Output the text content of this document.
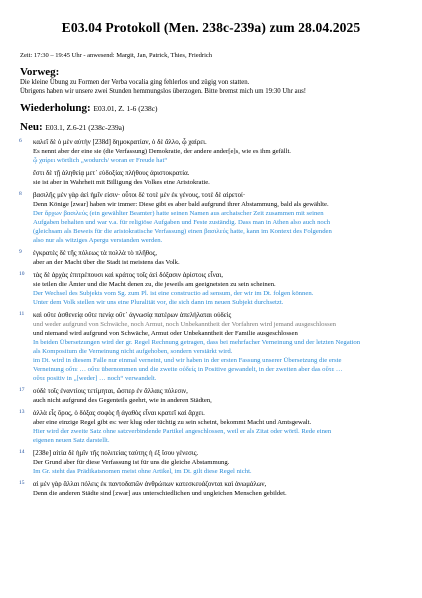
E03.04 Protokoll (Men. 238c-239a) zum 28.04.2025
Zeit: 17:30 – 19:45 Uhr - anwesend: Margit, Jan, Patrick, Thies, Friedrich
Vorweg:

Die kleine Übung zu Formen der Verba vocalia ging fehlerlos und zügig von statten.

Übrigens haben wir unsere zwei Stunden hemmungslos überzogen. Bitte bremst mich um 19:30 Uhr aus!

Wiederholung: E03.01, Z. 1-6 (238c)
Neu: E03.1, Z.6-21 (238c-239a)
6 καλεῖ δὲ ὁ μὲν αὐτὴν [238d] δημοκρατίαν, ὁ δὲ ἄλλο, ᾧ χαίρει.
Es nennt aber der eine sie (die Verfassung) Demokratie, der andere ander[e]s, wie es ihm gefällt.
ᾧ χαίρει wörtlich „wodurch/ woran er Freude hat“
ἔστι δὲ τῇ ἀληθείᾳ μετ᾽ εὐδοξίας πλήθους ἀριστοκρατία.
sie ist aber in Wahrheit mit Billigung des Volkes eine Aristokratie.
8 βασιλῆς μὲν γὰρ ἀεὶ ἡμῖν εἰσιν· οὗτοι δὲ τοτὲ μὲν ἐκ γένους, τοτὲ δὲ αἱρετοί·
Denn Könige [zwar] haben wir immer: Diese gibt es aber bald aufgrund ihrer Abstammung, bald als gewählte.
Der ἄρχων βασιλεύς (ein gewählter Beamter) hatte seinen Namen aus archaischer Zeit zusammen mit seinen
Aufgaben behalten und war v.a. für religiöse Aufgaben und Feste zuständig. Dass man in Athen also auch noch
(gleichsam als Beweis für die aristokratische Verfassung) einen βασιλεύς hatte, kann im Kontext des Folgenden
also nur als witziges Apergu verstanden werden.
9 ἐγκρατὲς δὲ τῆς πόλεως τὰ πολλὰ τὸ πλῆθος,
aber an der Macht über die Stadt ist meistens das Volk.
10 τὰς δὲ ἀρχὰς ἐπιτρέπουσι καὶ κράτος τοῖς ἀεὶ δόξασιν ἀρίστοις εἶναι,
sie teilen die Ämter und die Macht denen zu, die jeweils am geeignetsten zu sein scheinen.
Der Wechsel des Subjekts vom Sg. zum Pl. ist eine constructio ad sensum, der wir im Dt. folgen können.
Unter dem Volk stellen wir uns eine Pluralität vor, die sich dann im neuen Subjekt durchsetzt.
11 καὶ οὔτε ἀσθενείᾳ οὔτε πενίᾳ οὔτ᾽ ἀγνωσίᾳ πατέρων ἀπελήλαται οὐδεὶς
und weder aufgrund von Schwäche, noch Armut, noch Unbekanntheit der Vorfahren wird jemand ausgeschlossen
und niemand wird aufgrund von Schwäche, Armut oder Unbekanntheit der Familie ausgeschlossen
In beiden Übersetzungen wird der gr. Regel Rechnung getragen, dass bei mehrfacher Verneinung und der letzten Negation
als Kompositum die Verneinung nicht aufgehoben, sondern verstärkt wird.
im Dt. wird in diesem Falle nur einmal verneint, und wir haben in der ersten Fassung unserer Übersetzung die erste
Verneinung οὔτε … οὔτε übernommen und die zweite οὐδείς in Positive gewandelt, in der zweiten aber das οὔτε …
οὔτε positiv in „[weder] … noch“ verwandelt.
17 οὐδὲ τοῖς ἐναντίοις τετίμηται, ὥσπερ ἐν ἄλλαις πόλεσιν,
auch nicht aufgrund des Gegenteils geehrt, wie in anderen Städten,
13 ἀλλὰ εἷς ὅρος, ὁ δόξας σοφὸς ἢ ἀγαθὸς εἶναι κρατεῖ καὶ ἄρχει.
aber eine einzige Regel gibt es: wer klug oder tüchtig zu sein scheint, bekommt Macht und Amtsgewalt.
Hier wird der zweite Satz ohne satzverbindende Partikel angeschlossen, weil er als Zitat oder wörtl. Rede einen
eigenen neuen Satz darstellt.
14 [238e] αἰτία δὲ ἡμῖν τῆς πολιτείας ταύτης ἡ ἐξ ἴσου γένεσις.
Der Grund aber für diese Verfassung ist für uns die gleiche Abstammung.
Im Gr. steht das Prädikatsnomen meist ohne Artikel, im Dt. gilt diese Regel nicht.
15 αἱ μὲν γὰρ ἄλλαι πόλεις ἐκ παντοδαπῶν ἀνθρώπων κατεσκευάζονται καὶ ἀνωμάλων,
Denn die anderen Städte sind [zwar] aus unterschiedlichen und ungleichen Menschen gebildet.
